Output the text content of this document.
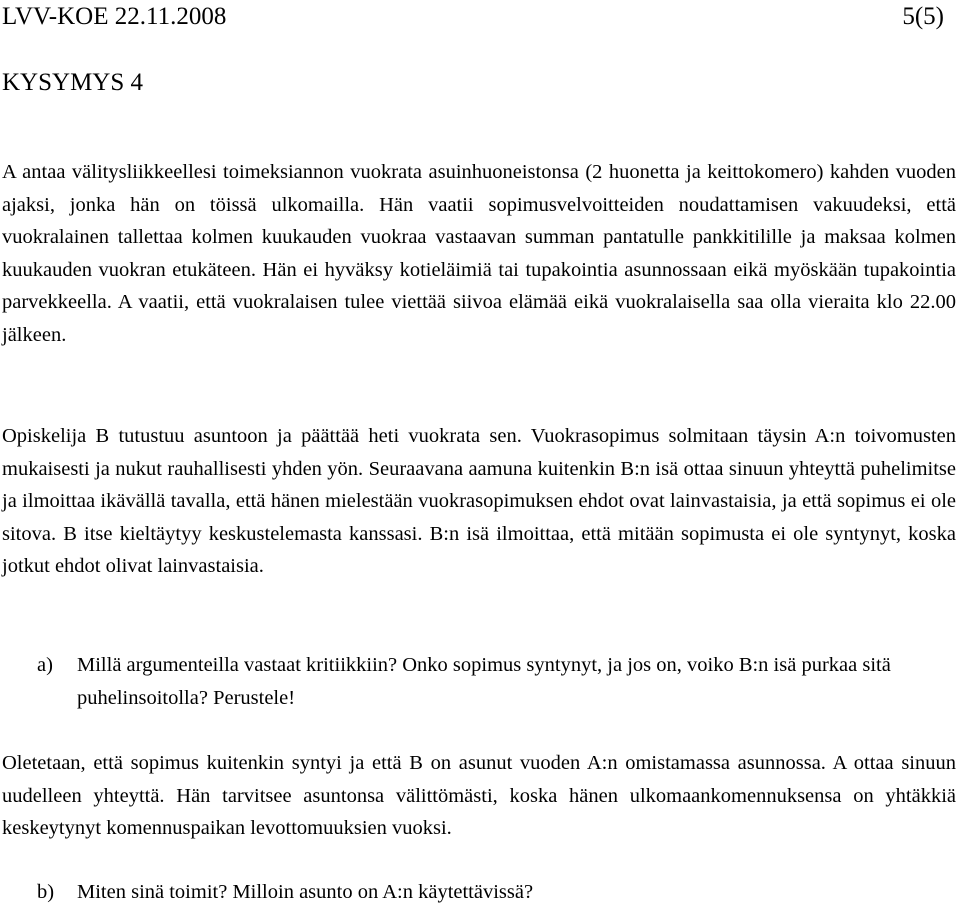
LVV-KOE 22.11.2008	5(5)
KYSYMYS 4

A antaa välitysliikkeellesi toimeksiannon vuokrata asuinhuoneistonsa (2 huonetta ja keittokomero) kahden vuoden ajaksi, jonka hän on töissä ulkomailla. Hän vaatii sopimusvelvoitteiden noudattamisen vakuudeksi, että vuokralainen tallettaa kolmen kuukauden vuokraa vastaavan summan pantatulle pankkitilille ja maksaa kolmen kuukauden vuokran etukäteen. Hän ei hyväksy kotieläimiä tai tupakointia asunnossaan eikä myöskään tupakointia parvekkeella. A vaatii, että vuokralaisen tulee viettää siivoa elämää eikä vuokralaisella saa olla vieraita klo 22.00 jälkeen.

Opiskelija B tutustuu asuntoon ja päättää heti vuokrata sen. Vuokrasopimus solmitaan täysin A:n toivomusten mukaisesti ja nukut rauhallisesti yhden yön. Seuraavana aamuna kuitenkin B:n isä ottaa sinuun yhteyttä puhelimitse ja ilmoittaa ikävällä tavalla, että hänen mielestään vuokrasopimuksen ehdot ovat lainvastaisia, ja että sopimus ei ole sitova. B itse kieltäytyy keskustelemasta kanssasi. B:n isä ilmoittaa, että mitään sopimusta ei ole syntynyt, koska jotkut ehdot olivat lainvastaisia.

a) Millä argumenteilla vastaat kritiikkiin? Onko sopimus syntynyt, ja jos on, voiko B:n isä purkaa sitä puhelinsoitolla? Perustele!

Oletetaan, että sopimus kuitenkin syntyi ja että B on asunut vuoden A:n omistamassa asunnossa. A ottaa sinuun uudelleen yhteyttä. Hän tarvitsee asuntonsa välittömästi, koska hänen ulkomaankomennuksensa on yhtäkkiä keskeytynyt komennuspaikan levottomuuksien vuoksi.

b) Miten sinä toimit? Milloin asunto on A:n käytettävissä?
